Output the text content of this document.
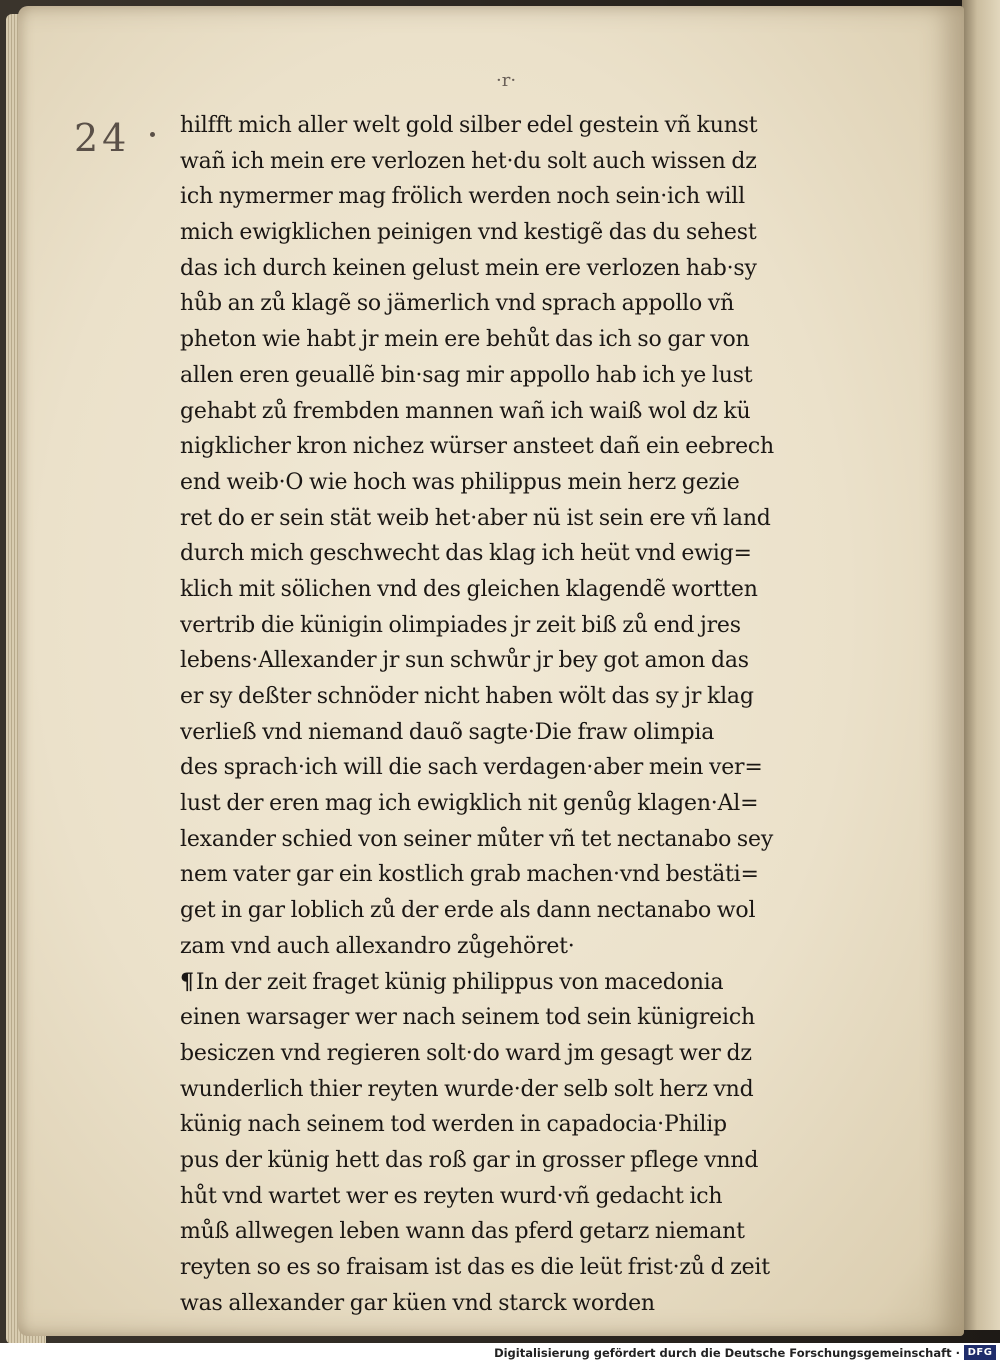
24
·r·
hilfft mich aller welt gold silber edel gestein vñ kunst
wañ ich mein ere verlozen het·du solt auch wissen dz
ich nymermer mag frölich werden noch sein·ich will
mich ewigklichen peinigen vnd kestigẽ das du sehest
das ich durch keinen gelust mein ere verlozen hab·sy
hůb an zů klagẽ so jämerlich vnd sprach appollo vñ
pheton wie habt jr mein ere behůt das ich so gar von
allen eren geuallẽ bin·sag mir appollo hab ich ye lust
gehabt zů frembden mannen wañ ich waiß wol dz kü
nigklicher kron nichez würser ansteet dañ ein eebrech
end weib·O wie hoch was philippus mein herz gezie
ret do er sein stät weib het·aber nü ist sein ere vñ land
durch mich geschwecht das klag ich heüt vnd ewig=
klich mit sölichen vnd des gleichen klagendẽ wortten
vertrib die künigin olimpiades jr zeit biß zů end jres
lebens·Allexander jr sun schwůr jr bey got amon das
er sy deßter schnöder nicht haben wölt das sy jr klag
verließ vnd niemand dauõ sagte·Die fraw olimpia
des sprach·ich will die sach verdagen·aber mein ver=
lust der eren mag ich ewigklich nit genůg klagen·Al=
lexander schied von seiner můter vñ tet nectanabo sey
nem vater gar ein kostlich grab machen·vnd bestäti=
get in gar loblich zů der erde als dann nectanabo wol
zam vnd auch allexandro zůgehöret·
¶In der zeit fraget künig philippus von macedonia
einen warsager wer nach seinem tod sein künigreich
besiczen vnd regieren solt·do ward jm gesagt wer dz
wunderlich thier reyten wurde·der selb solt herz vnd
künig nach seinem tod werden in capadocia·Philip
pus der künig hett das roß gar in grosser pflege vnnd
hůt vnd wartet wer es reyten wurd·vñ gedacht ich
můß allwegen leben wann das pferd getarz niemant
reyten so es so fraisam ist das es die leüt frist·zů d zeit
was allexander gar küen vnd starck worden
Digitalisierung gefördert durch die Deutsche Forschungsgemeinschaft · DFG
